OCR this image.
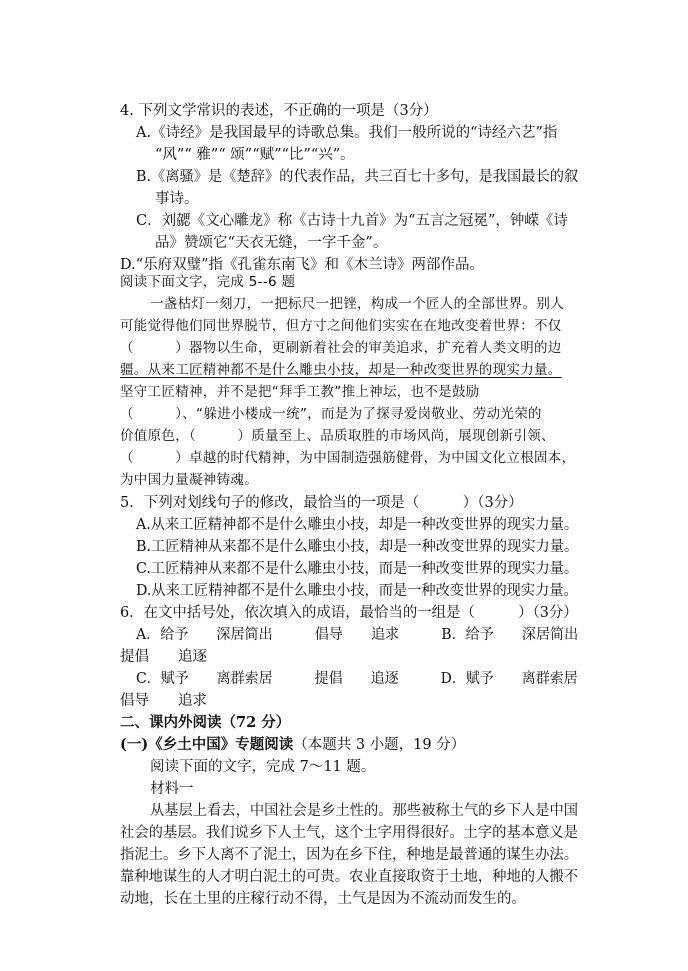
4. 下列文学常识的表述，不正确的一项是（3分）

A.《诗经》是我国最早的诗歌总集。我们一般所说的“诗经六艺”指

“风”“ 雅”“ 颂”“赋”“比”“兴”。

B.《离骚》是《楚辞》的代表作品，共三百七十多句，是我国最长的叙

事诗。

C．刘勰《文心雕龙》称《古诗十九首》为“五言之冠冕”，钟嵘《诗

品》赞颂它“天衣无缝，一字千金”。

D.“乐府双璧”指《孔雀东南飞》和《木兰诗》两部作品。

阅读下面文字，完成 5--6 题

一盏枯灯一刻刀，一把标尺一把锉，构成一个匠人的全部世界。别人

可能觉得他们同世界脱节，但方寸之间他们实实在在地改变着世界：不仅

（　　　）器物以生命，更刷新着社会的审美追求，扩充着人类文明的边

疆。从来工匠精神都不是什么雕虫小技，却是一种改变世界的现实力量。

坚守工匠精神，并不是把“拜手工教”推上神坛，也不是鼓励

（　　　）、“躲进小楼成一统”，而是为了探寻爱岗敬业、劳动光荣的

价值原色，（　　　）质量至上、品质取胜的市场风尚，展现创新引领、

（　　　）卓越的时代精神，为中国制造强筋健骨，为中国文化立根固本，

为中国力量凝神铸魂。

5．下列对划线句子的修改，最恰当的一项是（　　　）（3分）

A.从来工匠精神都不是什么雕虫小技，却是一种改变世界的现实力量。

B.工匠精神从来都不是什么雕虫小技，却是一种改变世界的现实力量。

C.工匠精神从来都不是什么雕虫小技，而是一种改变世界的现实力量。

D.从来工匠精神都不是什么雕虫小技，而是一种改变世界的现实力量。

6．在文中括号处，依次填入的成语，最恰当的一组是（　　　）（3分）

A．给予　　深居简出　　　倡导　　追求　　　B．给予　　深居简出

提倡　　追逐

C．赋予　　离群索居　　　提倡　　追逐　　　D．赋予　　离群索居

倡导　　追求

二、课内外阅读（72 分）

(一)《乡土中国》专题阅读（本题共 3 小题，19 分）

阅读下面的文字，完成 7～11 题。

材料一

从基层上看去，中国社会是乡土性的。那些被称土气的乡下人是中国

社会的基层。我们说乡下人土气，这个土字用得很好。土字的基本意义是

指泥土。乡下人离不了泥土，因为在乡下住，种地是最普通的谋生办法。

靠种地谋生的人才明白泥土的可贵。农业直接取资于土地，种地的人搬不

动地，长在土里的庄稼行动不得，土气是因为不流动而发生的。
